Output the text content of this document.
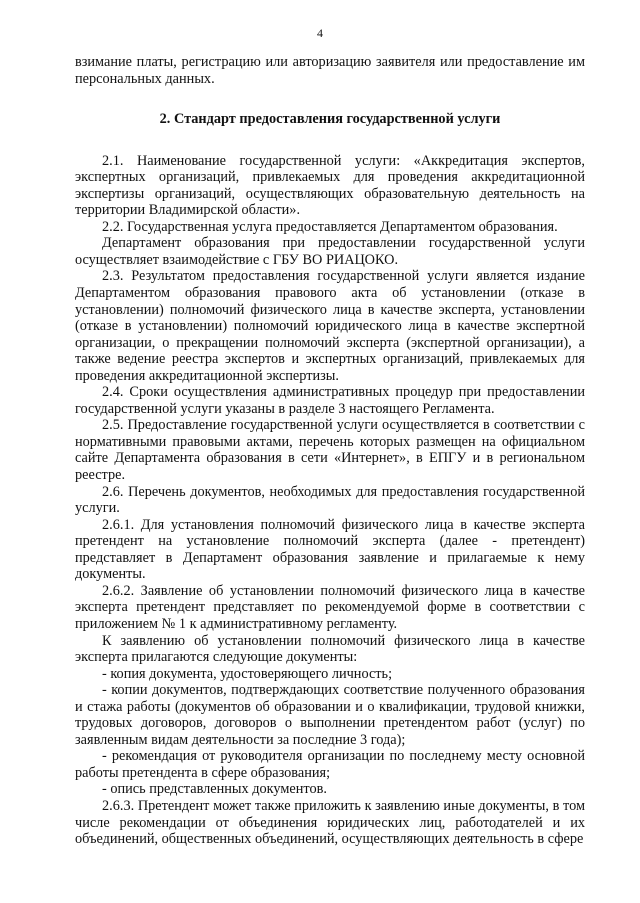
4

взимание платы, регистрацию или авторизацию заявителя или предоставление им персональных данных.

2. Стандарт предоставления государственной услуги

2.1. Наименование государственной услуги: «Аккредитация экспертов, экспертных организаций, привлекаемых для проведения аккредитационной экспертизы организаций, осуществляющих образовательную деятельность на территории Владимирской области».

2.2. Государственная услуга предоставляется Департаментом образования.

Департамент образования при предоставлении государственной услуги осуществляет взаимодействие с ГБУ ВО РИАЦОКО.

2.3. Результатом предоставления государственной услуги является издание Департаментом образования правового акта об установлении (отказе в установлении) полномочий физического лица в качестве эксперта, установлении (отказе в установлении) полномочий юридического лица в качестве экспертной организации, о прекращении полномочий эксперта (экспертной организации), а также ведение реестра экспертов и экспертных организаций, привлекаемых для проведения аккредитационной экспертизы.

2.4. Сроки осуществления административных процедур при предоставлении государственной услуги указаны в разделе 3 настоящего Регламента.

2.5. Предоставление государственной услуги осуществляется в соответствии с нормативными правовыми актами, перечень которых размещен на официальном сайте Департамента образования в сети «Интернет», в ЕПГУ и в региональном реестре.

2.6. Перечень документов, необходимых для предоставления государственной услуги.

2.6.1. Для установления полномочий физического лица в качестве эксперта претендент на установление полномочий эксперта (далее - претендент) представляет в Департамент образования заявление и прилагаемые к нему документы.

2.6.2. Заявление об установлении полномочий физического лица в качестве эксперта претендент представляет по рекомендуемой форме в соответствии с приложением № 1 к административному регламенту.

К заявлению об установлении полномочий физического лица в качестве эксперта прилагаются следующие документы:

- копия документа, удостоверяющего личность;

- копии документов, подтверждающих соответствие полученного образования и стажа работы (документов об образовании и о квалификации, трудовой книжки, трудовых договоров, договоров о выполнении претендентом работ (услуг) по заявленным видам деятельности за последние 3 года);

- рекомендация от руководителя организации по последнему месту основной работы претендента в сфере образования;

- опись представленных документов.

2.6.3. Претендент может также приложить к заявлению иные документы, в том числе рекомендации от объединения юридических лиц, работодателей и их объединений, общественных объединений, осуществляющих деятельность в сфере
